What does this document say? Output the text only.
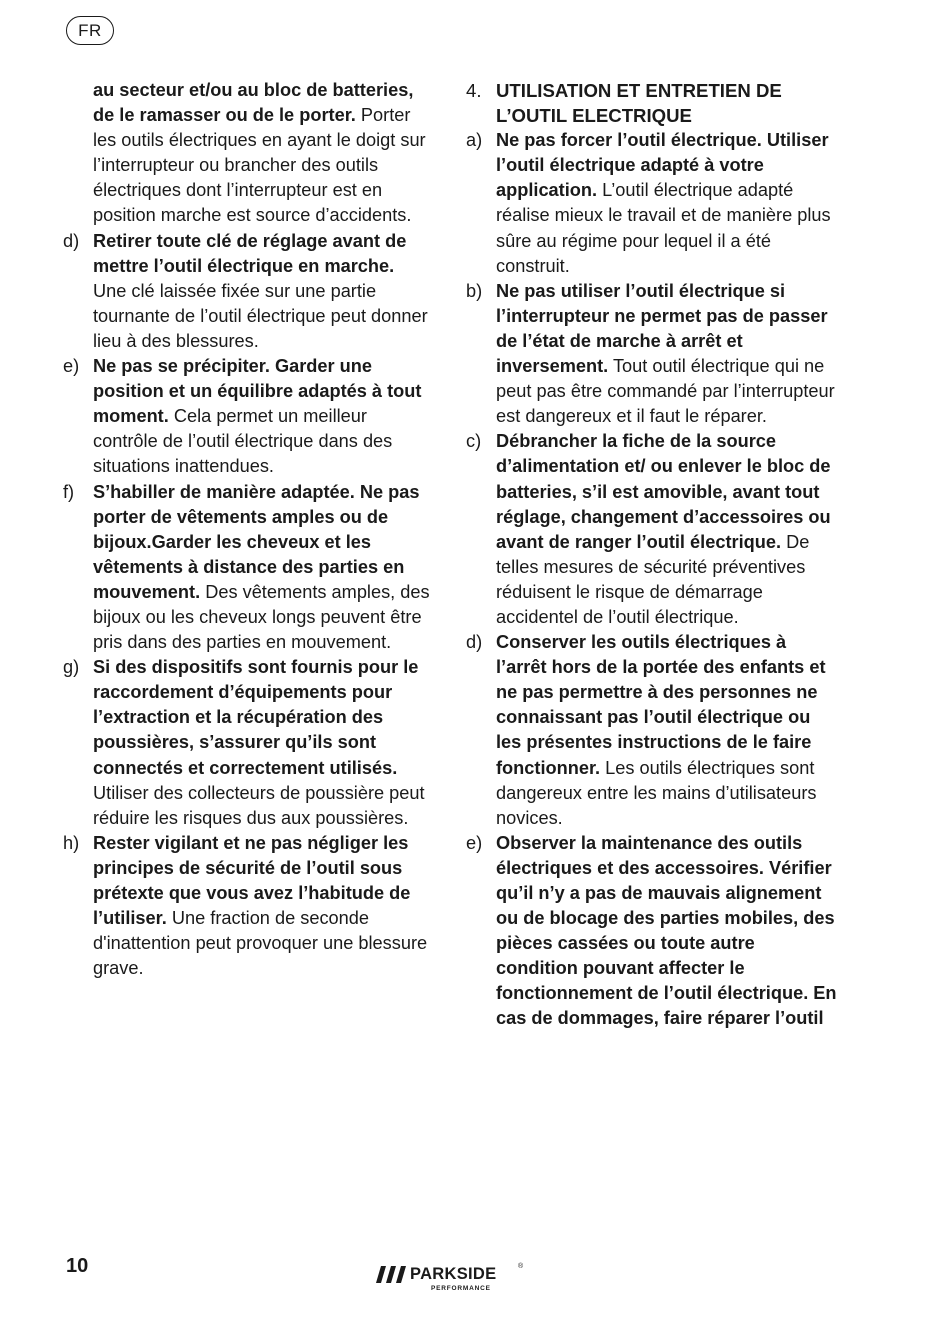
FR

au secteur et/ou au bloc de batteries, de le ramasser ou de le porter. Porter les outils électriques en ayant le doigt sur l’interrupteur ou brancher des outils électriques dont l’interrupteur est en position marche est source d’accidents.

d) Retirer toute clé de réglage avant de mettre l’outil électrique en marche. Une clé laissée fixée sur une partie tournante de l’outil électrique peut donner lieu à des blessures.

e) Ne pas se précipiter. Garder une position et un équilibre adaptés à tout moment. Cela permet un meilleur contrôle de l’outil électrique dans des situations inattendues.

f) S’habiller de manière adaptée. Ne pas porter de vêtements amples ou de bijoux.Garder les cheveux et les vêtements à distance des parties en mouvement. Des vêtements amples, des bijoux ou les cheveux longs peuvent être pris dans des parties en mouvement.

g) Si des dispositifs sont fournis pour le raccordement d’équipements pour l’extraction et la récupération des poussières, s’assurer qu’ils sont connectés et correctement utilisés. Utiliser des collecteurs de poussière peut réduire les risques dus aux poussières.

h) Rester vigilant et ne pas négliger les principes de sécurité de l’outil sous prétexte que vous avez l’habitude de l’utiliser. Une fraction de seconde d'inattention peut provoquer une blessure grave.

4. UTILISATION ET ENTRETIEN DE L’OUTIL ELECTRIQUE

a) Ne pas forcer l’outil électrique. Utiliser l’outil électrique adapté à votre application. L’outil électrique adapté réalise mieux le travail et de manière plus sûre au régime pour lequel il a été construit.

b) Ne pas utiliser l’outil électrique si l’interrupteur ne permet pas de passer de l’état de marche à arrêt et inversement. Tout outil électrique qui ne peut pas être commandé par l’interrupteur est dangereux et il faut le réparer.

c) Débrancher la fiche de la source d’alimentation et/ ou enlever le bloc de batteries, s’il est amovible, avant tout réglage, changement d’accessoires ou avant de ranger l’outil électrique. De telles mesures de sécurité préventives réduisent le risque de démarrage accidentel de l’outil électrique.

d) Conserver les outils électriques à l’arrêt hors de la portée des enfants et ne pas permettre à des personnes ne connaissant pas l’outil électrique ou les présentes instructions de le faire fonctionner. Les outils électriques sont dangereux entre les mains d’utilisateurs novices.

e) Observer la maintenance des outils électriques et des accessoires. Vérifier qu’il n’y a pas de mauvais alignement ou de blocage des parties mobiles, des pièces cassées ou toute autre condition pouvant affecter le fonctionnement de l’outil électrique. En cas de dommages, faire réparer l’outil

10	PARKSIDE	®
PERFORMANCE
